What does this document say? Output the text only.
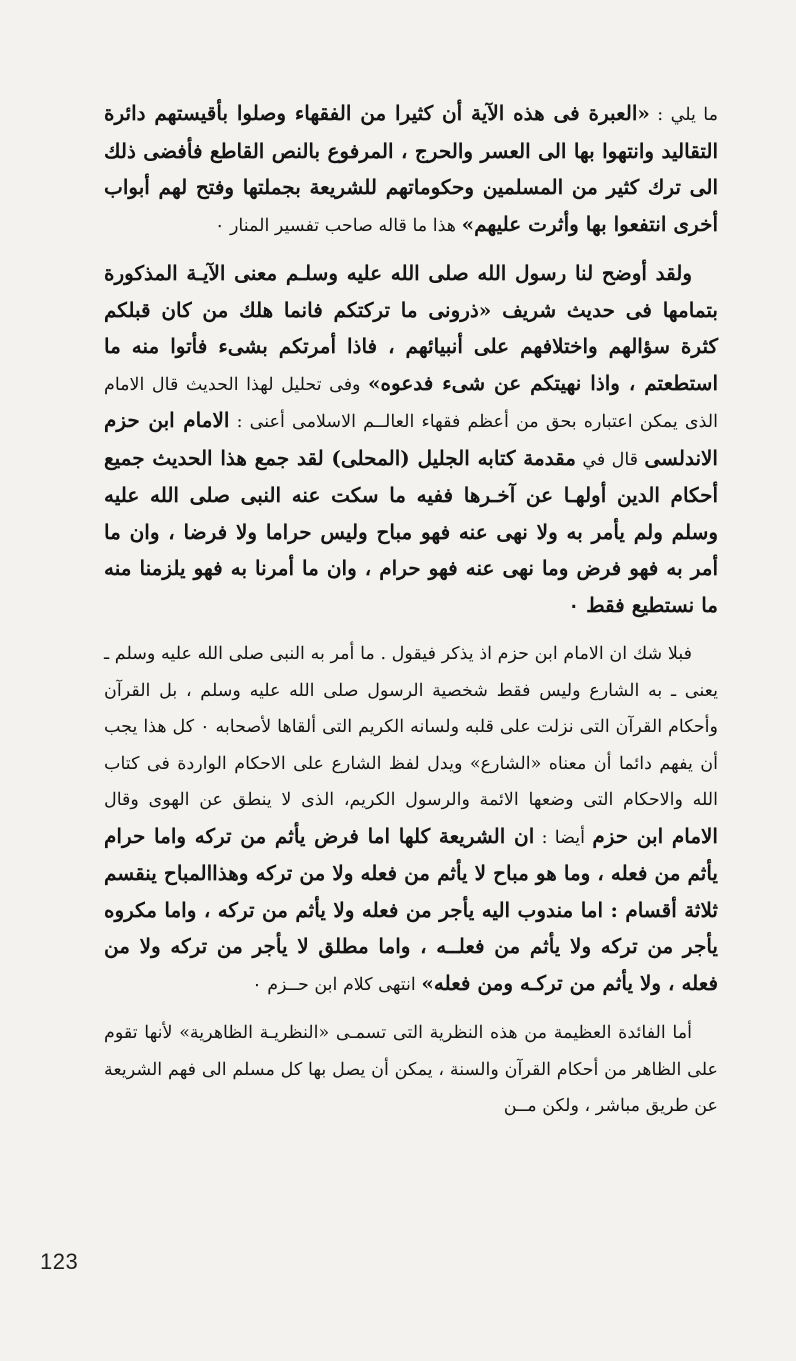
ما يلي : «العبرة فى هذه الآية أن كثيرا من الفقهاء وصلوا بأقيستهم دائرة التقاليد وانتهوا بها الى العسر والحرج ، المرفوع بالنص القاطع فأفضى ذلك الى ترك كثير من المسلمين وحكوماتهم للشريعة بجملتها وفتح لهم أبواب أخرى انتفعوا بها وأثرت عليهم» هذا ما قاله صاحب تفسير المنار ٠

ولقد أوضح لنا رسول الله صلى الله عليه وسلـم معنى الآيـة المذكورة بتمامها فى حديث شريف «ذرونى ما تركتكم فانما هلك من كان قبلكم كثرة سؤالهم واختلافهم على أنبيائهم ، فاذا أمرتكم بشىء فأتوا منه ما استطعتم ، واذا نهيتكم عن شىء فدعوه» وفى تحليل لهذا الحديث قال الامام الذى يمكن اعتباره بحق من أعظم فقهاء العالــم الاسلامى أعنى : الامام ابن حزم الاندلسى قال في مقدمة كتابه الجليل (المحلى) لقد جمع هذا الحديث جميع أحكام الدين أولهـا عن آخـرها ففيه ما سكت عنه النبى صلى الله عليه وسلم ولم يأمر به ولا نهى عنه فهو مباح وليس حراما ولا فرضا ، وان ما أمر به فهو فرض وما نهى عنه فهو حرام ، وان ما أمرنا به فهو يلزمنا منه ما نستطيع فقط ٠

فبلا شك ان الامام ابن حزم اذ يذكر فيقول . ما أمر به النبى صلى الله عليه وسلم ـ يعنى ـ به الشارع وليس فقط شخصية الرسول صلى الله عليه وسلم ، بل القرآن وأحكام القرآن التى نزلت على قلبه ولسانه الكريم التى ألقاها لأصحابه ٠ كل هذا يجب أن يفهم دائما أن معناه «الشارع» ويدل لفظ الشارع على الاحكام الواردة فى كتاب الله والاحكام التى وضعها الائمة والرسول الكريم، الذى لا ينطق عن الهوى وقال الامام ابن حزم أيضا : ان الشريعة كلها اما فرض يأثم من تركه واما حرام يأثم من فعله ، وما هو مباح لا يأثم من فعله ولا من تركه وهذاالمباح ينقسم ثلاثة أقسام : اما مندوب اليه يأجر من فعله ولا يأثم من تركه ، واما مكروه يأجر من تركه ولا يأثم من فعلــه ، واما مطلق لا يأجر من تركه ولا من فعله ، ولا يأثم من تركـه ومن فعله» انتهى كلام ابن حــزم ٠

أما الفائدة العظيمة من هذه النظرية التى تسمـى «النظريـة الظاهرية» لأنها تقوم على الظاهر من أحكام القرآن والسنة ، يمكن أن يصل بها كل مسلم الى فهم الشريعة عن طريق مباشر ، ولكن مــن

123
